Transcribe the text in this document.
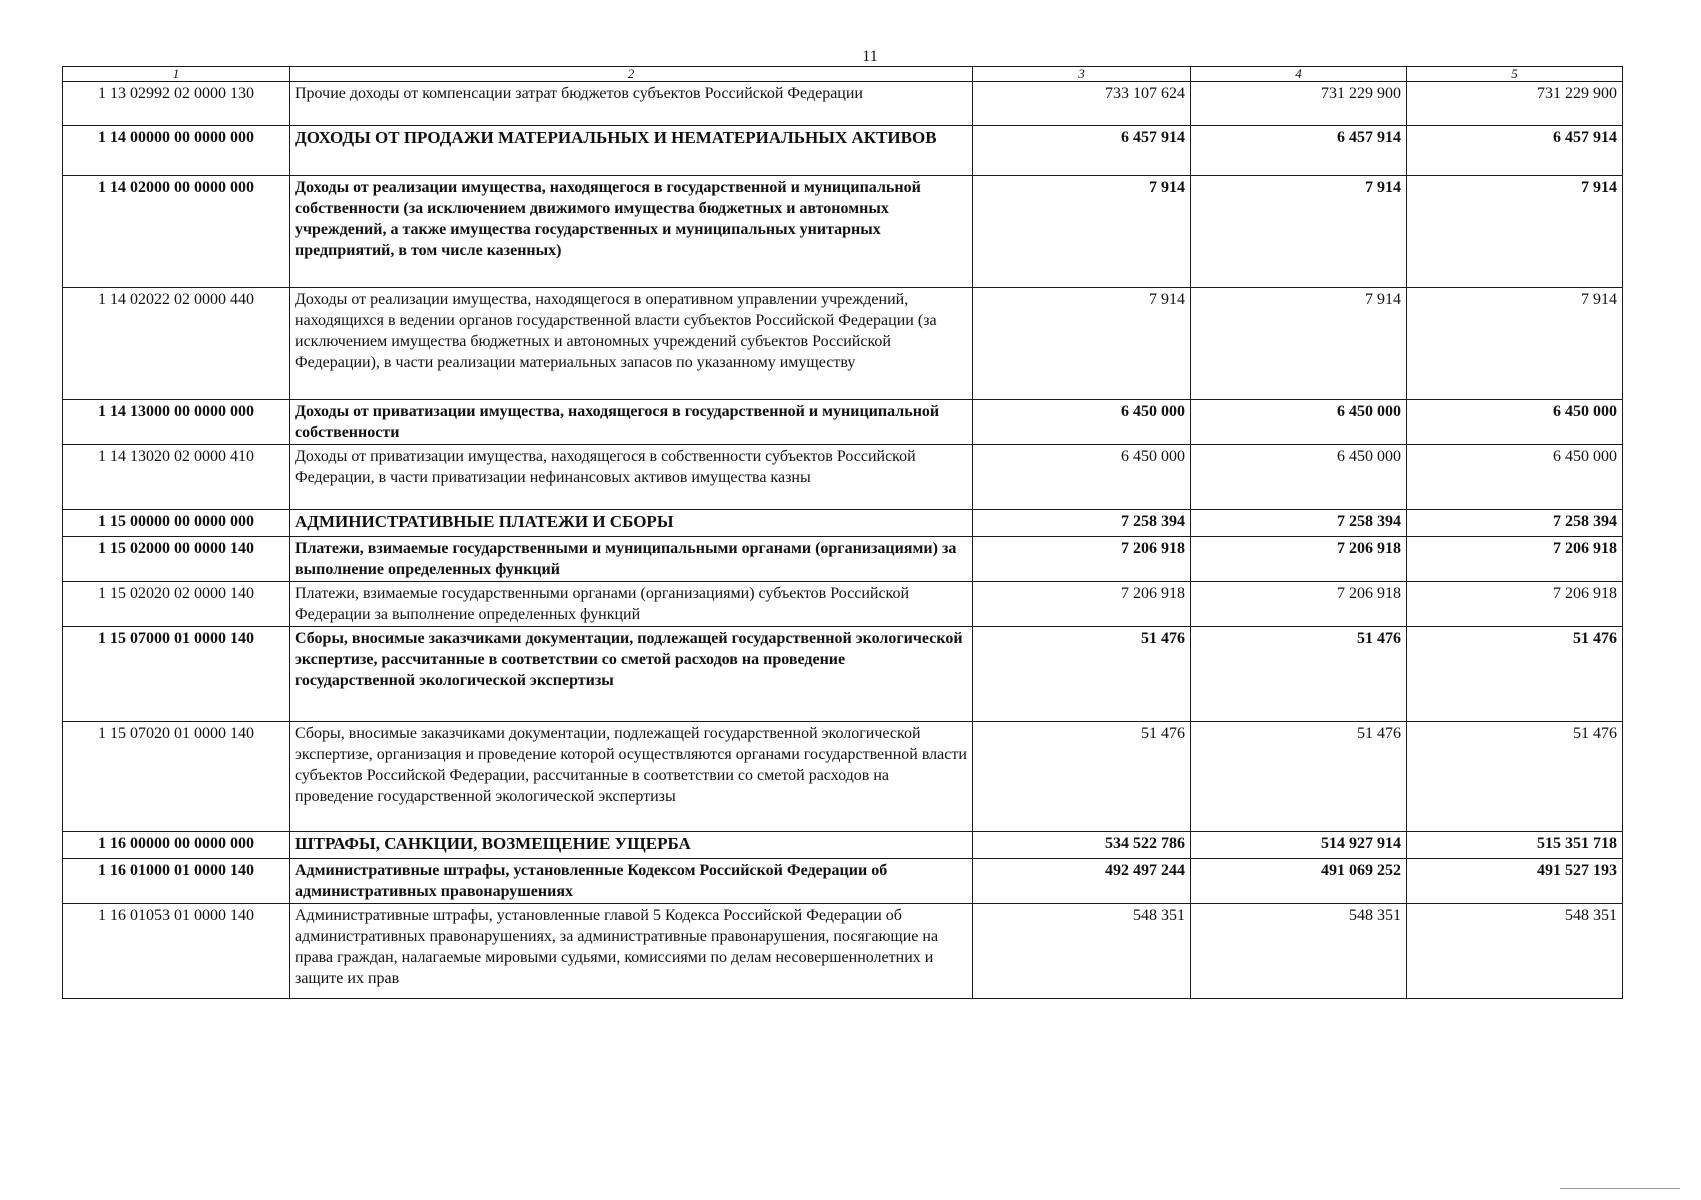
11
1	2	3	4	5
1 13 02992 02 0000 130	Прочие доходы от компенсации затрат бюджетов субъектов Российской Федерации	733 107 624	731 229 900	731 229 900
1 14 00000 00 0000 000	ДОХОДЫ ОТ ПРОДАЖИ МАТЕРИАЛЬНЫХ И НЕМАТЕРИАЛЬНЫХ АКТИВОВ	6 457 914	6 457 914	6 457 914
1 14 02000 00 0000 000	Доходы от реализации имущества, находящегося в государственной и муниципальной собственности (за исключением движимого имущества бюджетных и автономных учреждений, а также имущества государственных и муниципальных унитарных предприятий, в том числе казенных)	7 914	7 914	7 914
1 14 02022 02 0000 440	Доходы от реализации имущества, находящегося в оперативном управлении учреждений, находящихся в ведении органов государственной власти субъектов Российской Федерации (за исключением имущества бюджетных и автономных учреждений субъектов Российской Федерации), в части реализации материальных запасов по указанному имуществу	7 914	7 914	7 914
1 14 13000 00 0000 000	Доходы от приватизации имущества, находящегося в государственной и муниципальной собственности	6 450 000	6 450 000	6 450 000
1 14 13020 02 0000 410	Доходы от приватизации имущества, находящегося в собственности субъектов Российской Федерации, в части приватизации нефинансовых активов имущества казны	6 450 000	6 450 000	6 450 000
1 15 00000 00 0000 000	АДМИНИСТРАТИВНЫЕ ПЛАТЕЖИ И СБОРЫ	7 258 394	7 258 394	7 258 394
1 15 02000 00 0000 140	Платежи, взимаемые государственными и муниципальными органами (организациями) за выполнение определенных функций	7 206 918	7 206 918	7 206 918
1 15 02020 02 0000 140	Платежи, взимаемые государственными органами (организациями) субъектов Российской Федерации за выполнение определенных функций	7 206 918	7 206 918	7 206 918
1 15 07000 01 0000 140	Сборы, вносимые заказчиками документации, подлежащей государственной экологической экспертизе, рассчитанные в соответствии со сметой расходов на проведение государственной экологической экспертизы	51 476	51 476	51 476
1 15 07020 01 0000 140	Сборы, вносимые заказчиками документации, подлежащей государственной экологической экспертизе, организация и проведение которой осуществляются органами государственной власти субъектов Российской Федерации, рассчитанные в соответствии со сметой расходов на проведение государственной экологической экспертизы	51 476	51 476	51 476
1 16 00000 00 0000 000	ШТРАФЫ, САНКЦИИ, ВОЗМЕЩЕНИЕ УЩЕРБА	534 522 786	514 927 914	515 351 718
1 16 01000 01 0000 140	Административные штрафы, установленные Кодексом Российской Федерации об административных правонарушениях	492 497 244	491 069 252	491 527 193
1 16 01053 01 0000 140	Административные штрафы, установленные главой 5 Кодекса Российской Федерации об административных правонарушениях, за административные правонарушения, посягающие на права граждан, налагаемые мировыми судьями, комиссиями по делам несовершеннолетних и защите их прав	548 351	548 351	548 351
